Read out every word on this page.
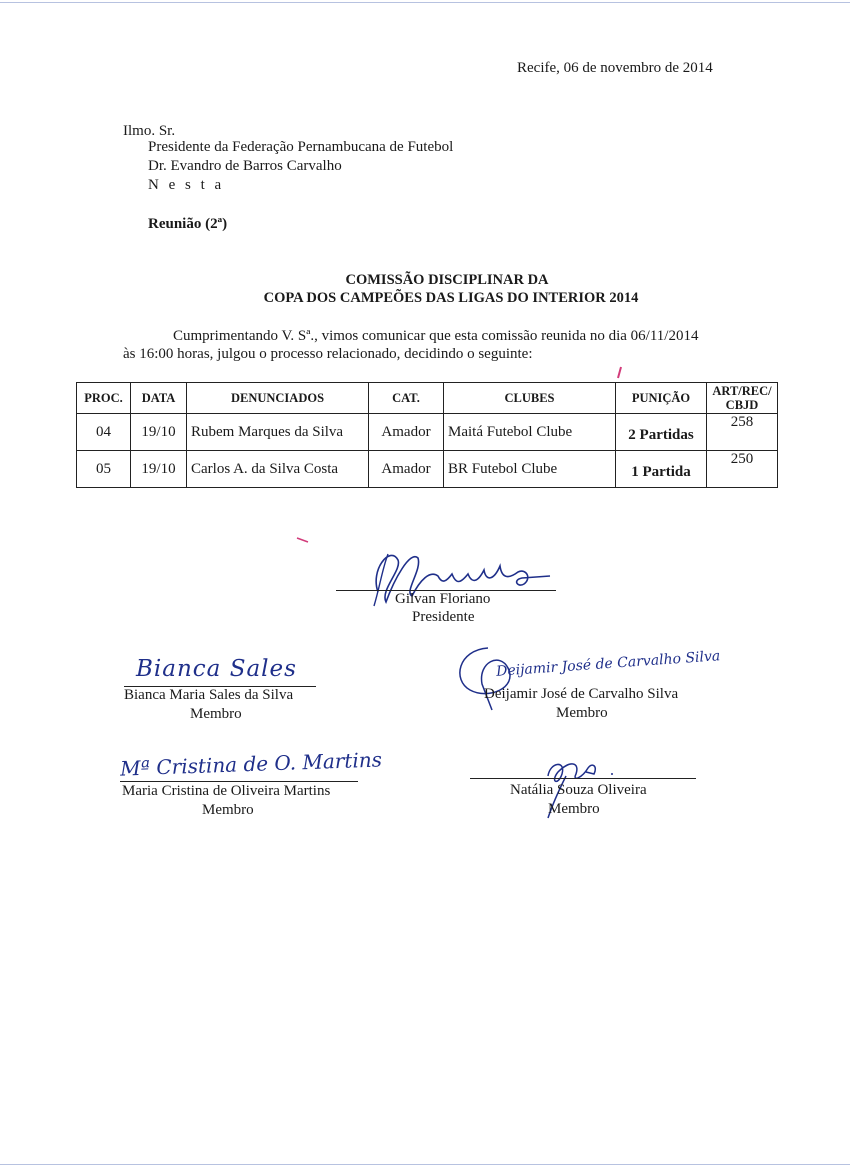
Recife, 06 de novembro de 2014
Ilmo. Sr.
Presidente da Federação Pernambucana de Futebol
Dr. Evandro de Barros Carvalho
N e s t a
Reunião (2ª)
COMISSÃO DISCIPLINAR DA
COPA DOS CAMPEÕES DAS LIGAS DO INTERIOR 2014
Cumprimentando V. Sª., vimos comunicar que esta comissão reunida no dia 06/11/2014
às 16:00 horas, julgou o processo relacionado, decidindo o seguinte:
PROC.	DATA	DENUNCIADOS	CAT.	CLUBES	PUNIÇÃO	ART/REC/ CBJD
04	19/10	Rubem Marques da Silva	Amador	Maitá Futebol Clube	2 Partidas	258
05	19/10	Carlos A. da Silva Costa	Amador	BR Futebol Clube	1 Partida	250
Gilvan Floriano
Presidente
Bianca Sales
Bianca Maria Sales da Silva
Membro
Deijamir José de Carvalho Silva
Deijamir José de Carvalho Silva
Membro
Mª Cristina de O. Martins
Maria Cristina de Oliveira Martins
Membro
Natália Souza Oliveira
Membro
